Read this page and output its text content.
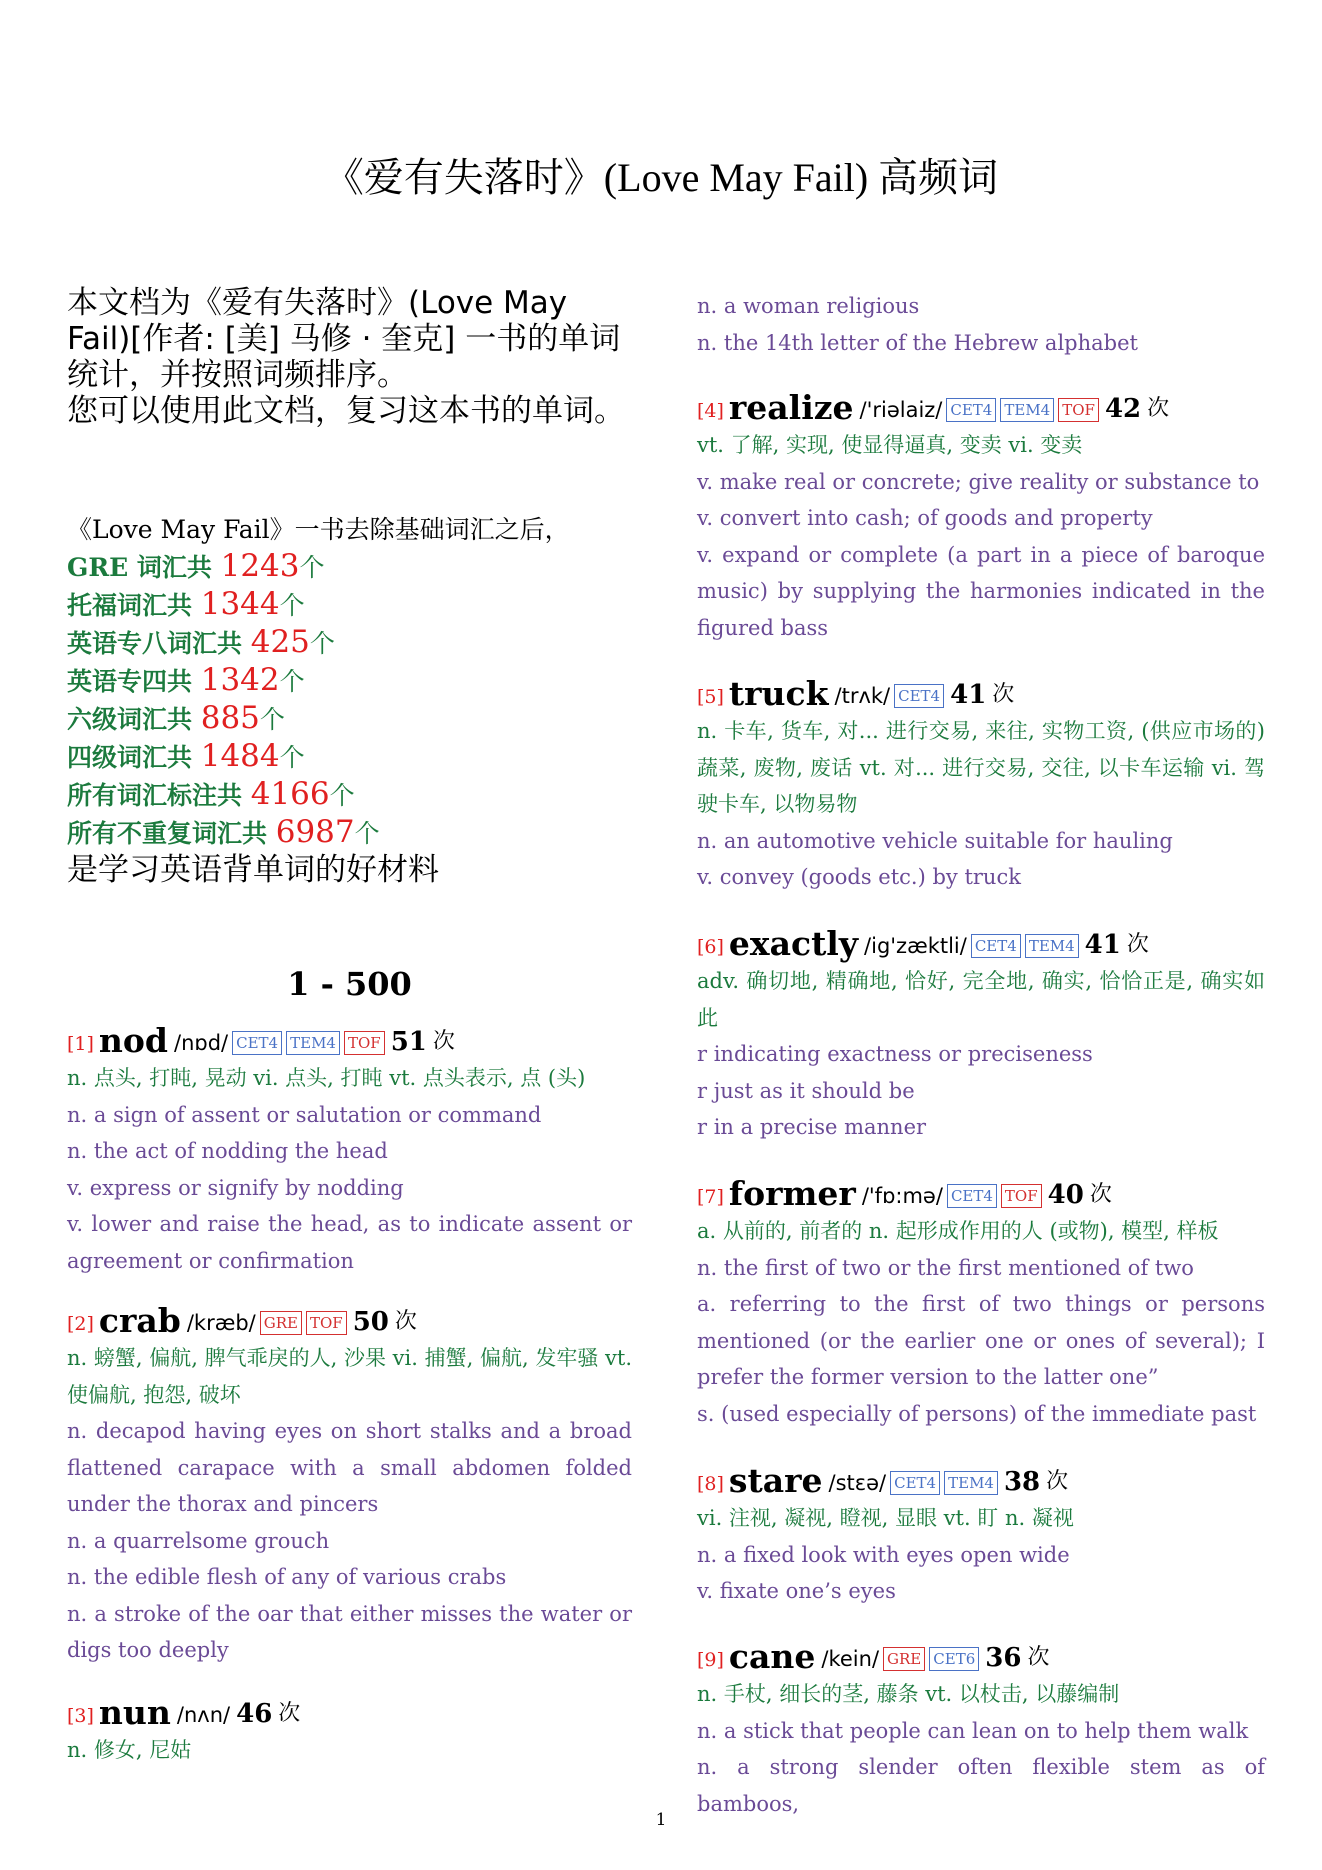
《爱有失落时》(Love May Fail) 高频词
本文档为《爱有失落时》(Love May Fail)[作者: [美] 马修 · 奎克] 一书的单词统计，并按照词频排序。
您可以使用此文档，复习这本书的单词。
《Love May Fail》一书去除基础词汇之后，
GRE 词汇共 1243个
托福词汇共 1344个
英语专八词汇共 425个
英语专四共 1342个
六级词汇共 885个
四级词汇共 1484个
所有词汇标注共 4166个
所有不重复词汇共 6987个
是学习英语背单词的好材料
1 - 500
[1] nod /nɒd/ CET4 TEM4 TOF 51 次
n. 点头, 打盹, 晃动 vi. 点头, 打盹 vt. 点头表示, 点 (头)
n. a sign of assent or salutation or command
n. the act of nodding the head
v. express or signify by nodding
v. lower and raise the head, as to indicate assent or agreement or confirmation
[2] crab /kræb/ GRE TOF 50 次
n. 螃蟹, 偏航, 脾气乖戾的人, 沙果 vi. 捕蟹, 偏航, 发牢骚 vt. 使偏航, 抱怨, 破坏
n. decapod having eyes on short stalks and a broad flattened carapace with a small abdomen folded under the thorax and pincers
n. a quarrelsome grouch
n. the edible flesh of any of various crabs
n. a stroke of the oar that either misses the water or digs too deeply
[3] nun /nʌn/ 46 次
n. 修女, 尼姑
n. a woman religious
n. the 14th letter of the Hebrew alphabet
[4] realize /'riəlaiz/ CET4 TEM4 TOF 42 次
vt. 了解, 实现, 使显得逼真, 变卖 vi. 变卖
v. make real or concrete; give reality or substance to
v. convert into cash; of goods and property
v. expand or complete (a part in a piece of baroque music) by supplying the harmonies indicated in the figured bass
[5] truck /trʌk/ CET4 41 次
n. 卡车, 货车, 对... 进行交易, 来往, 实物工资, (供应市场的) 蔬菜, 废物, 废话 vt. 对... 进行交易, 交往, 以卡车运输 vi. 驾驶卡车, 以物易物
n. an automotive vehicle suitable for hauling
v. convey (goods etc.) by truck
[6] exactly /ig'zæktli/ CET4 TEM4 41 次
adv. 确切地, 精确地, 恰好, 完全地, 确实, 恰恰正是, 确实如此
r indicating exactness or preciseness
r just as it should be
r in a precise manner
[7] former /'fɒ:mə/ CET4 TOF 40 次
a. 从前的, 前者的 n. 起形成作用的人 (或物), 模型, 样板
n. the first of two or the first mentioned of two
a. referring to the first of two things or persons mentioned (or the earlier one or ones of several); I prefer the former version to the latter one”
s. (used especially of persons) of the immediate past
[8] stare /stɛə/ CET4 TEM4 38 次
vi. 注视, 凝视, 瞪视, 显眼 vt. 盯 n. 凝视
n. a fixed look with eyes open wide
v. fixate one’s eyes
[9] cane /kein/ GRE CET6 36 次
n. 手杖, 细长的茎, 藤条 vt. 以杖击, 以藤编制
n. a stick that people can lean on to help them walk
n. a strong slender often flexible stem as of bamboos,
1
